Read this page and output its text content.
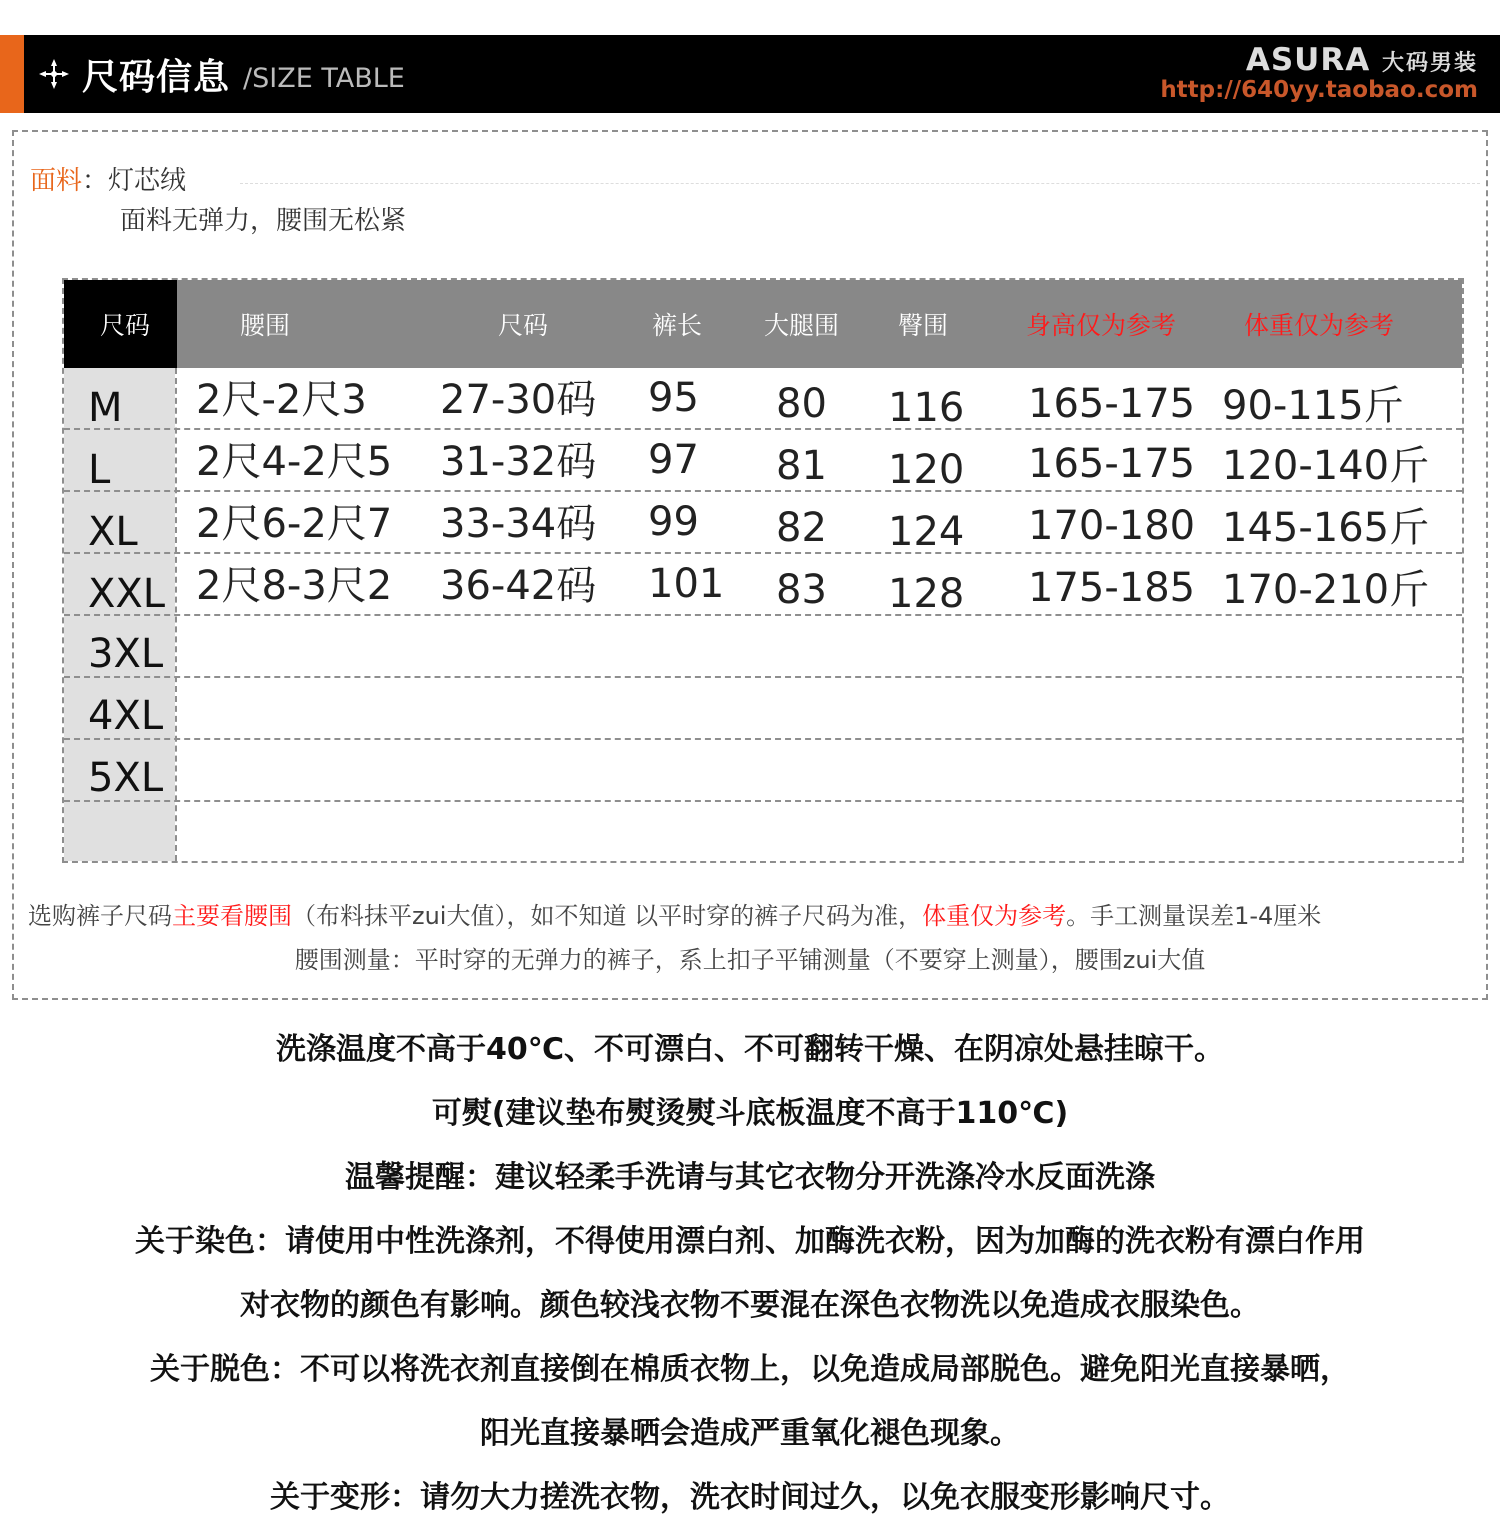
尺码信息 /SIZE TABLE
ASURA 大码男装
http://640yy.taobao.com
面料：灯芯绒
面料无弹力，腰围无松紧
尺码	腰围	尺码	裤长 大腿围 臀围	身高仅为参考	体重仅为参考
M 2尺-2尺3 27-30码 95 80 116 165-175 90-115斤
L 2尺4-2尺5 31-32码 97 81 120 165-175 120-140斤
XL 2尺6-2尺7 33-34码 99 82 124 170-180 145-165斤
XXL 2尺8-3尺2 36-42码 101 83 128 175-185 170-210斤
3XL
4XL
5XL
选购裤子尺码主要看腰围（布料抹平zui大值），如不知道 以平时穿的裤子尺码为准，体重仅为参考。手工测量误差1-4厘米
腰围测量：平时穿的无弹力的裤子，系上扣子平铺测量（不要穿上测量），腰围zui大值
洗涤温度不高于40℃、不可漂白、不可翻转干燥、在阴凉处悬挂晾干。
可熨(建议垫布熨烫熨斗底板温度不高于110℃)
温馨提醒：建议轻柔手洗请与其它衣物分开洗涤冷水反面洗涤
关于染色：请使用中性洗涤剂，不得使用漂白剂、加酶洗衣粉，因为加酶的洗衣粉有漂白作用
对衣物的颜色有影响。颜色较浅衣物不要混在深色衣物洗以免造成衣服染色。
关于脱色：不可以将洗衣剂直接倒在棉质衣物上，以免造成局部脱色。避免阳光直接暴晒，
阳光直接暴晒会造成严重氧化褪色现象。
关于变形：请勿大力搓洗衣物，洗衣时间过久，以免衣服变形影响尺寸。
